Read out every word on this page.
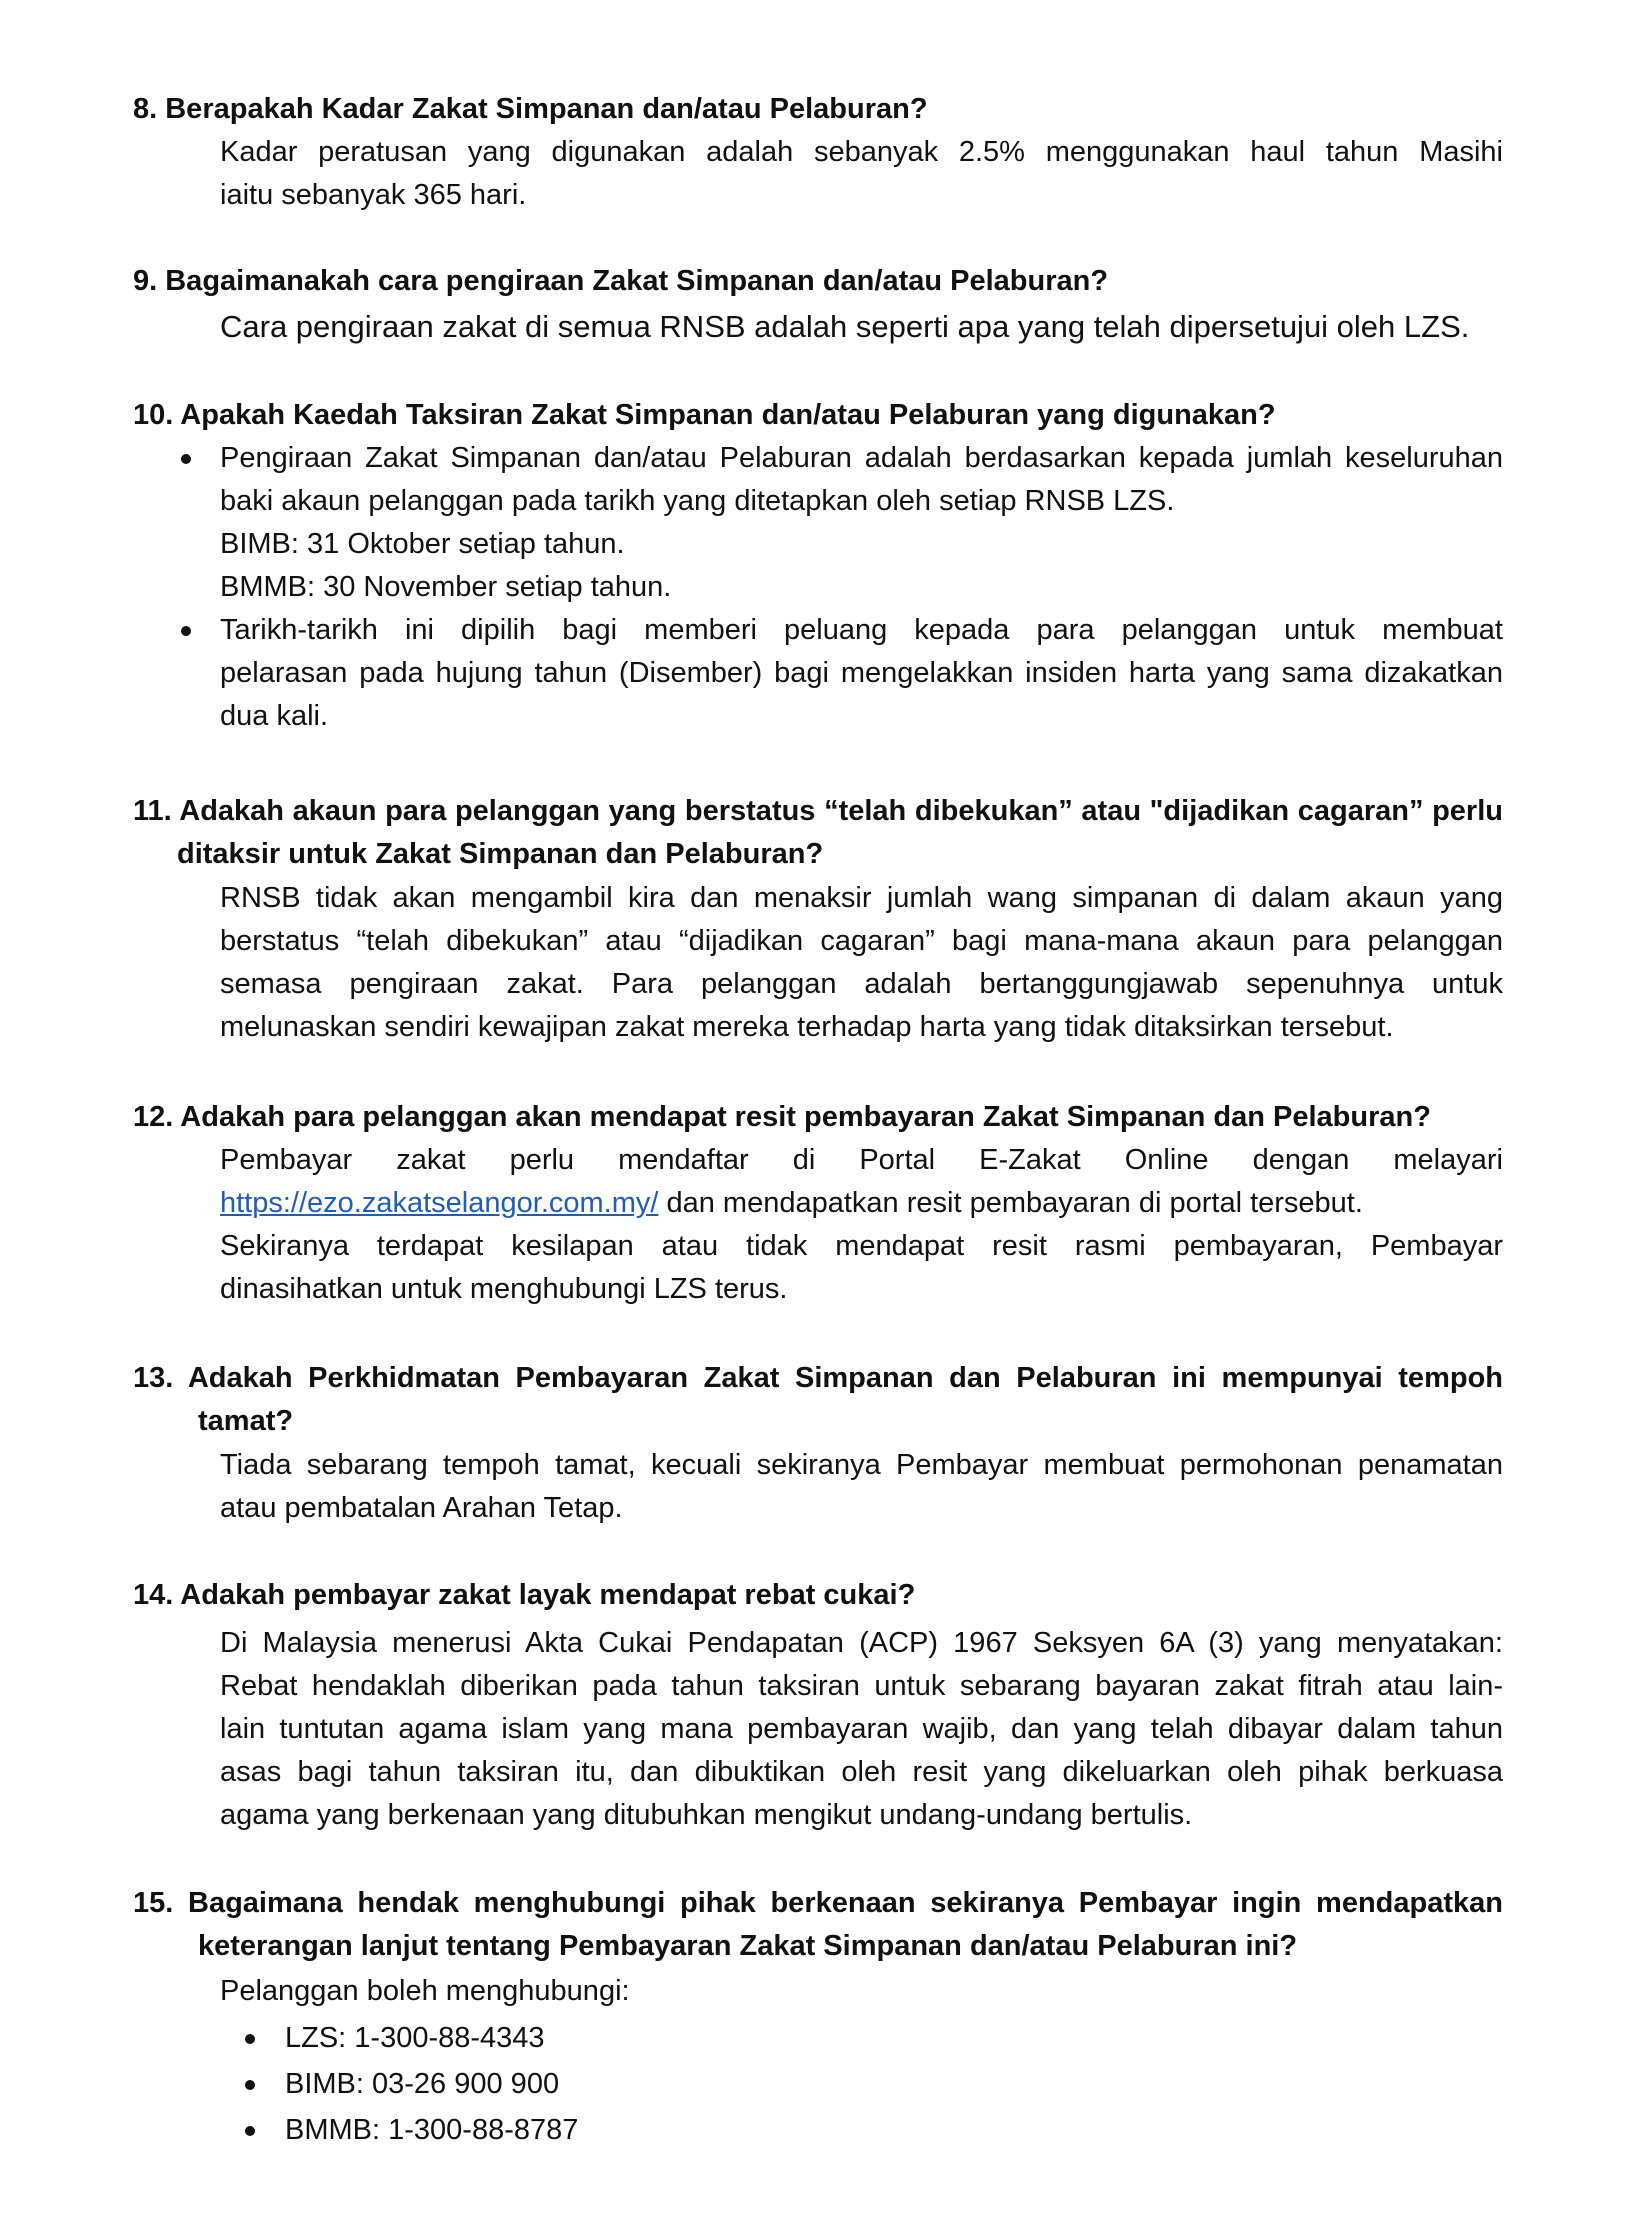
8. Berapakah Kadar Zakat Simpanan dan/atau Pelaburan?
Kadar peratusan yang digunakan adalah sebanyak 2.5% menggunakan haul tahun Masihi
iaitu sebanyak 365 hari.
9. Bagaimanakah cara pengiraan Zakat Simpanan dan/atau Pelaburan?
Cara pengiraan zakat di semua RNSB adalah seperti apa yang telah dipersetujui oleh LZS.
10. Apakah Kaedah Taksiran Zakat Simpanan dan/atau Pelaburan yang digunakan?
Pengiraan Zakat Simpanan dan/atau Pelaburan adalah berdasarkan kepada jumlah keseluruhan
baki akaun pelanggan pada tarikh yang ditetapkan oleh setiap RNSB LZS.
BIMB: 31 Oktober setiap tahun.
BMMB: 30 November setiap tahun.
Tarikh-tarikh ini dipilih bagi memberi peluang kepada para pelanggan untuk membuat
pelarasan pada hujung tahun (Disember) bagi mengelakkan insiden harta yang sama dizakatkan
dua kali.
11. Adakah akaun para pelanggan yang berstatus “telah dibekukan” atau "dijadikan cagaran” perlu
ditaksir untuk Zakat Simpanan dan Pelaburan?
RNSB tidak akan mengambil kira dan menaksir jumlah wang simpanan di dalam akaun yang
berstatus “telah dibekukan” atau “dijadikan cagaran” bagi mana-mana akaun para pelanggan
semasa pengiraan zakat. Para pelanggan adalah bertanggungjawab sepenuhnya untuk
melunaskan sendiri kewajipan zakat mereka terhadap harta yang tidak ditaksirkan tersebut.
12. Adakah para pelanggan akan mendapat resit pembayaran Zakat Simpanan dan Pelaburan?
Pembayar zakat perlu mendaftar di Portal E-Zakat Online dengan melayari
https://ezo.zakatselangor.com.my/ dan mendapatkan resit pembayaran di portal tersebut.
Sekiranya terdapat kesilapan atau tidak mendapat resit rasmi pembayaran, Pembayar
dinasihatkan untuk menghubungi LZS terus.
13. Adakah Perkhidmatan Pembayaran Zakat Simpanan dan Pelaburan ini mempunyai tempoh
tamat?
Tiada sebarang tempoh tamat, kecuali sekiranya Pembayar membuat permohonan penamatan
atau pembatalan Arahan Tetap.
14. Adakah pembayar zakat layak mendapat rebat cukai?
Di Malaysia menerusi Akta Cukai Pendapatan (ACP) 1967 Seksyen 6A (3) yang menyatakan:
Rebat hendaklah diberikan pada tahun taksiran untuk sebarang bayaran zakat fitrah atau lain-
lain tuntutan agama islam yang mana pembayaran wajib, dan yang telah dibayar dalam tahun
asas bagi tahun taksiran itu, dan dibuktikan oleh resit yang dikeluarkan oleh pihak berkuasa
agama yang berkenaan yang ditubuhkan mengikut undang-undang bertulis.
15. Bagaimana hendak menghubungi pihak berkenaan sekiranya Pembayar ingin mendapatkan
keterangan lanjut tentang Pembayaran Zakat Simpanan dan/atau Pelaburan ini?
Pelanggan boleh menghubungi:
LZS: 1-300-88-4343
BIMB: 03-26 900 900
BMMB: 1-300-88-8787
